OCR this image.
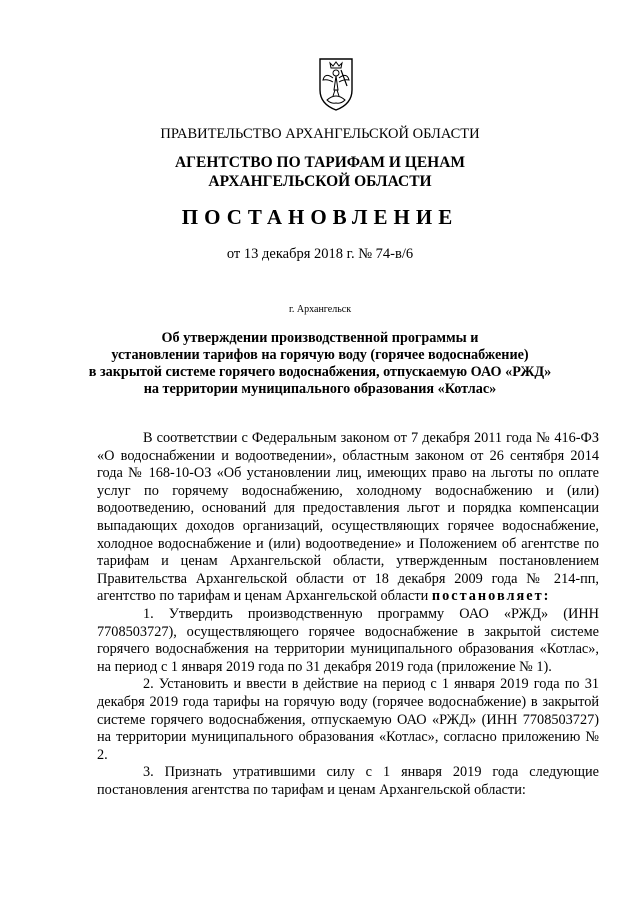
ПРАВИТЕЛЬСТВО АРХАНГЕЛЬСКОЙ ОБЛАСТИ
АГЕНТСТВО ПО ТАРИФАМ И ЦЕНАМ
АРХАНГЕЛЬСКОЙ ОБЛАСТИ
ПОСТАНОВЛЕНИЕ
от 13 декабря 2018 г. № 74-в/6
г. Архангельск
Об утверждении производственной программы и
установлении тарифов на горячую воду (горячее водоснабжение)
в закрытой системе горячего водоснабжения, отпускаемую ОАО «РЖД»
на территории муниципального образования «Котлас»

В соответствии с Федеральным законом от 7 декабря 2011 года № 416-ФЗ «О водоснабжении и водоотведении», областным законом от 26 сентября 2014 года № 168-10-ОЗ «Об установлении лиц, имеющих право на льготы по оплате услуг по горячему водоснабжению, холодному водоснабжению и (или) водоотведению, оснований для предоставления льгот и порядка компенсации выпадающих доходов организаций, осуществляющих горячее водоснабжение, холодное водоснабжение и (или) водоотведение» и Положением об агентстве по тарифам и ценам Архангельской области, утвержденным постановлением Правительства Архангельской области от 18 декабря 2009 года № 214-пп, агентство по тарифам и ценам Архангельской области постановляет:

1. Утвердить производственную программу ОАО «РЖД» (ИНН 7708503727), осуществляющего горячее водоснабжение в закрытой системе горячего водоснабжения на территории муниципального образования «Котлас», на период с 1 января 2019 года по 31 декабря 2019 года (приложение № 1).

2. Установить и ввести в действие на период с 1 января 2019 года по 31 декабря 2019 года тарифы на горячую воду (горячее водоснабжение) в закрытой системе горячего водоснабжения, отпускаемую ОАО «РЖД» (ИНН 7708503727) на территории муниципального образования «Котлас», согласно приложению № 2.

3. Признать утратившими силу с 1 января 2019 года следующие постановления агентства по тарифам и ценам Архангельской области:
